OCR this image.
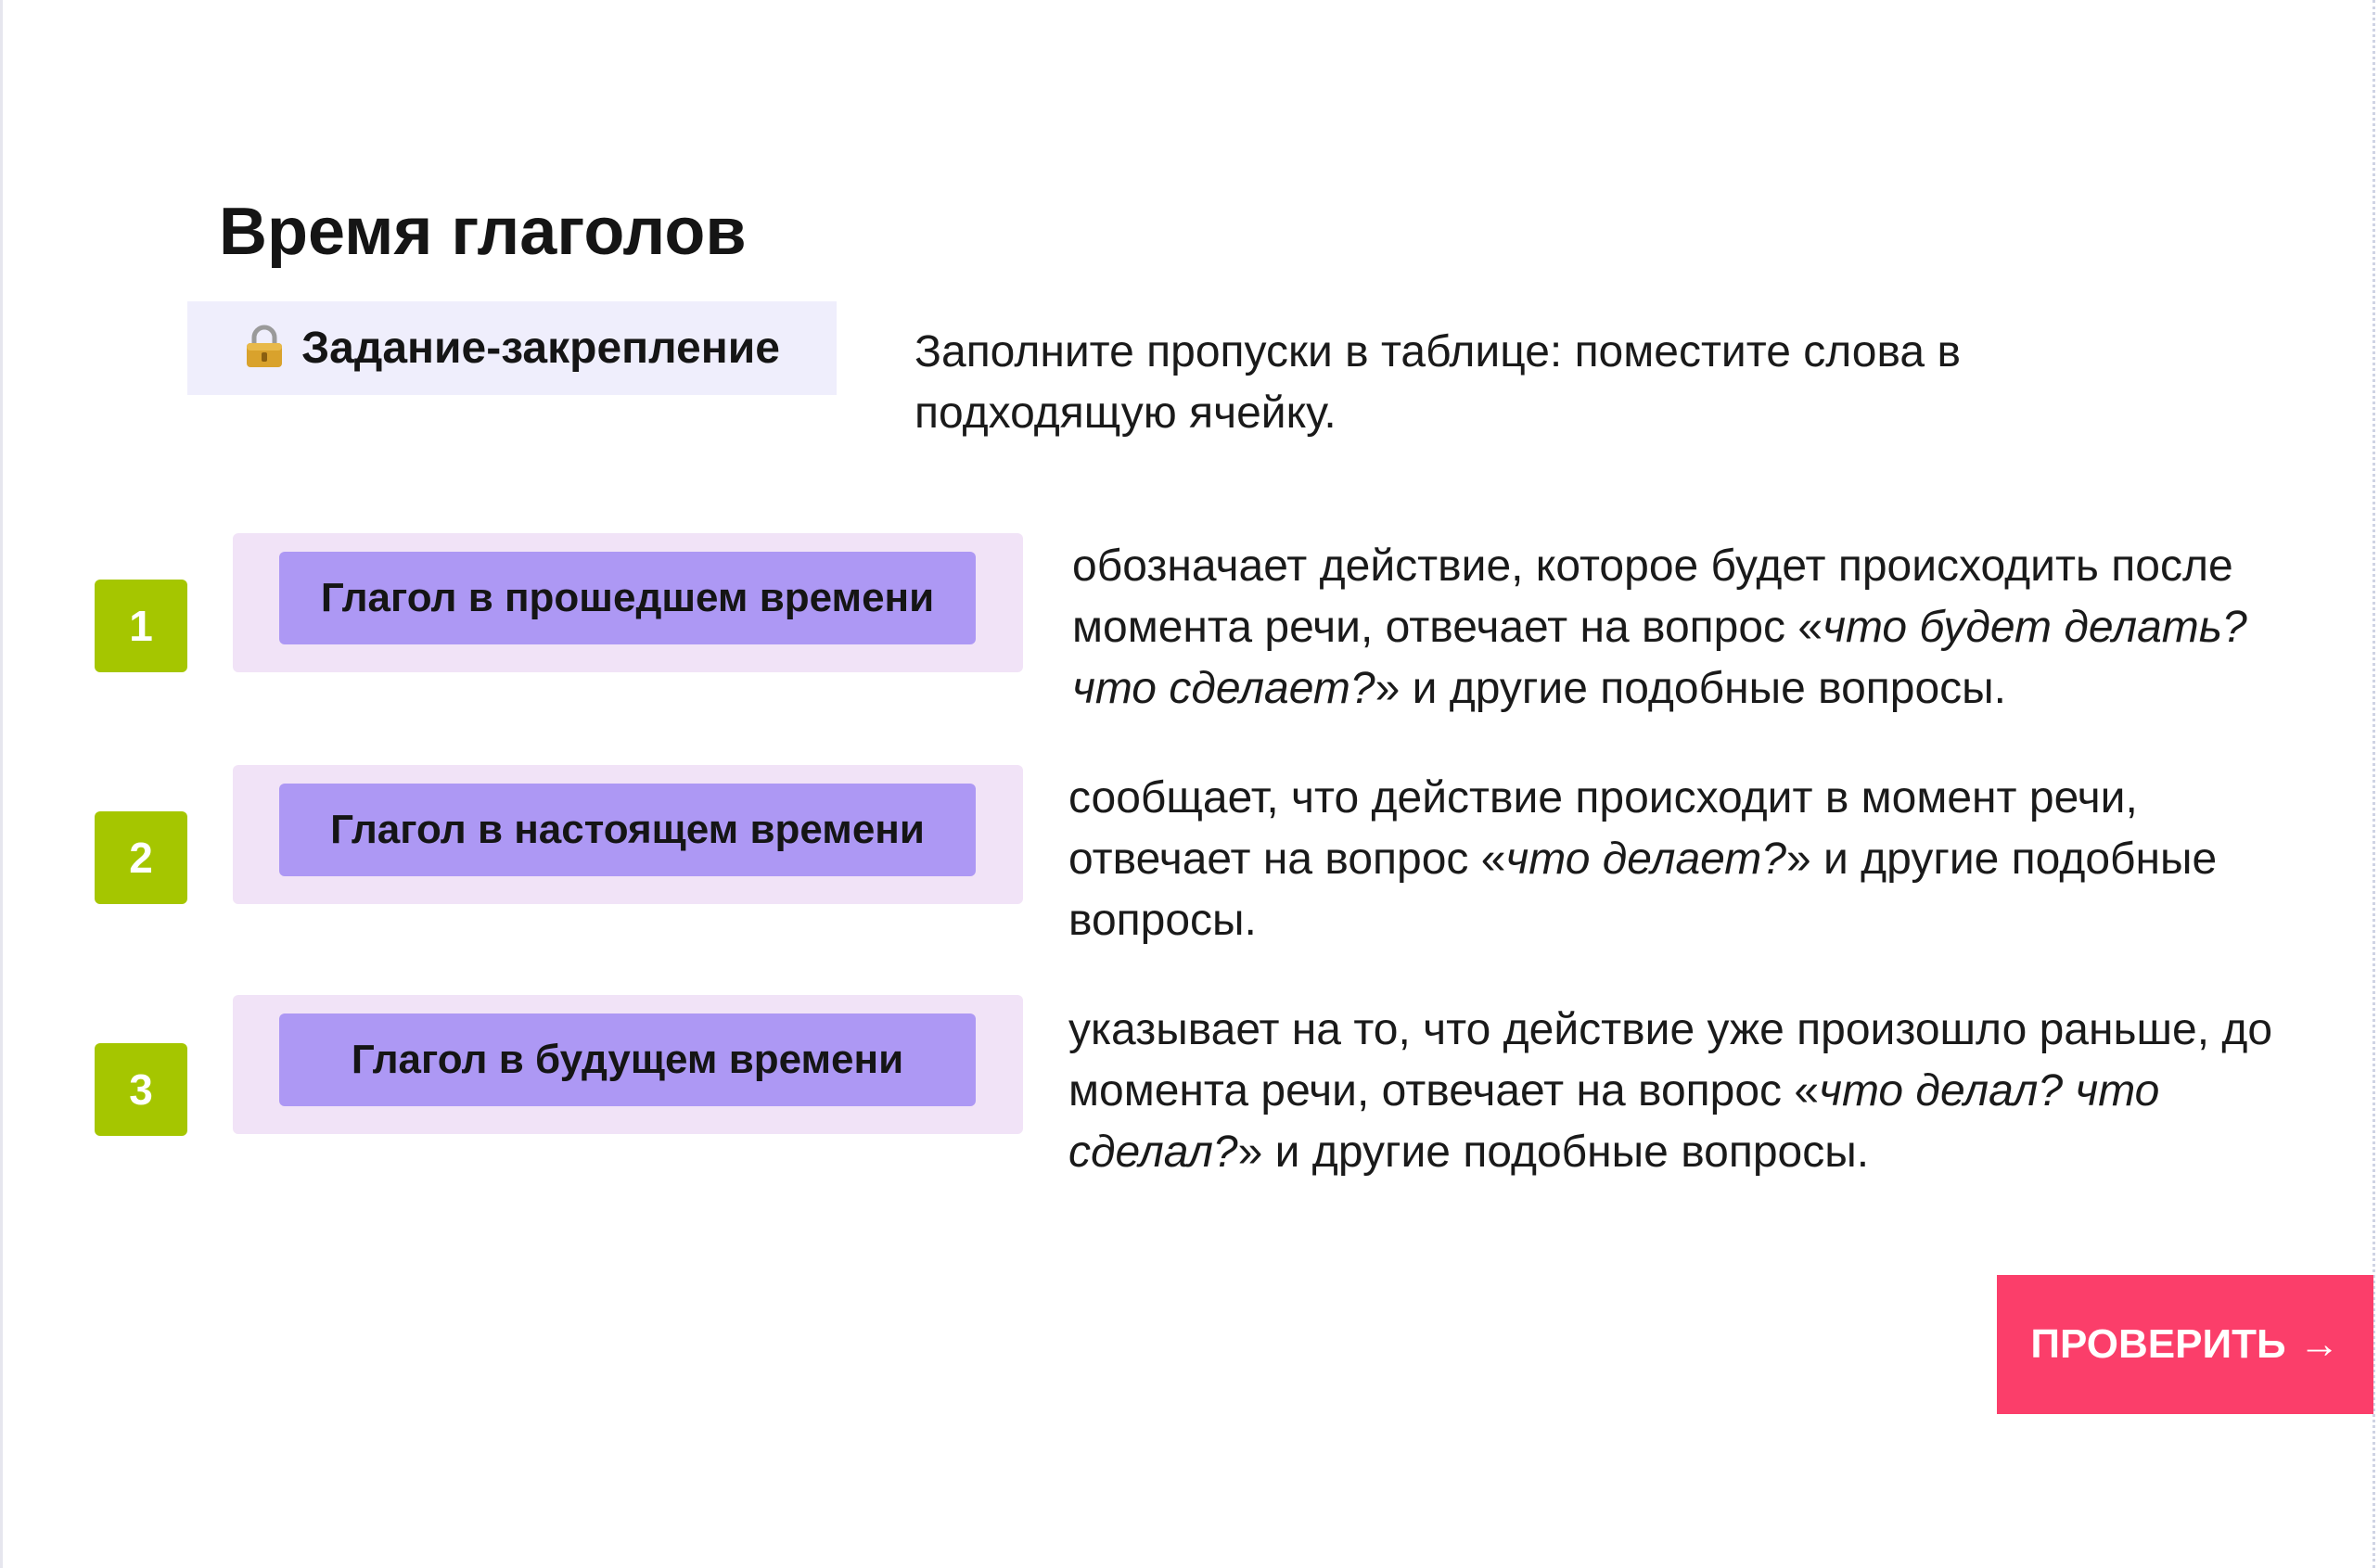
Время глаголов
Задание-закрепление	Заполните пропуски в таблице: поместите слова в подходящую ячейку.
1
Глагол в прошедшем времени
обозначает действие, которое будет происходить после момента речи, отвечает на вопрос «что будет делать? что сделает?» и другие подобные вопросы.
2
Глагол в настоящем времени
сообщает, что действие происходит в момент речи, отвечает на вопрос «что делает?» и другие подобные вопросы.
3
Глагол в будущем времени
указывает на то, что действие уже произошло раньше, до момента речи, отвечает на вопрос «что делал? что сделал?» и другие подобные вопросы.
ПРОВЕРИТЬ →
